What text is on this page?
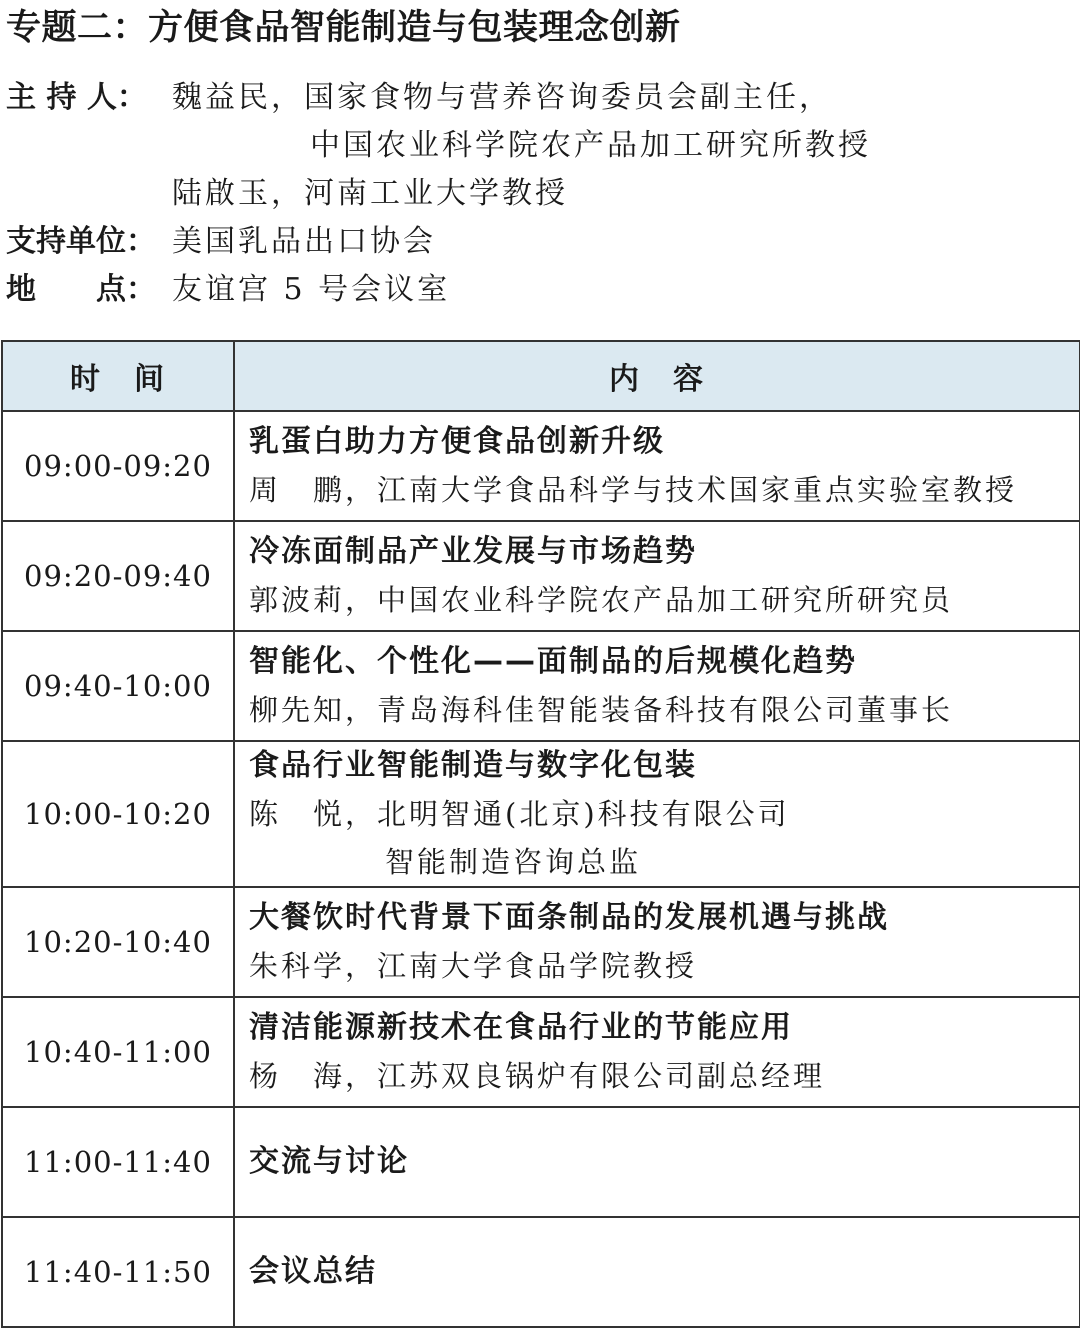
专题二：方便食品智能制造与包装理念创新
主 持 人： 魏益民，国家食物与营养咨询委员会副主任，
中国农业科学院农产品加工研究所教授
陆啟玉，河南工业大学教授
支持单位： 美国乳品出口协会
地　　点： 友谊宫 5 号会议室
时　间	内　容
09:00-09:20	乳蛋白助力方便食品创新升级
周　鹏，江南大学食品科学与技术国家重点实验室教授

09:20-09:40	冷冻面制品产业发展与市场趋势
郭波莉，中国农业科学院农产品加工研究所研究员

09:40-10:00	智能化、个性化——面制品的后规模化趋势
柳先知，青岛海科佳智能装备科技有限公司董事长

10:00-10:20	食品行业智能制造与数字化包装
陈　悦，北明智通(北京)科技有限公司
智能制造咨询总监

10:20-10:40	大餐饮时代背景下面条制品的发展机遇与挑战
朱科学，江南大学食品学院教授

10:40-11:00	清洁能源新技术在食品行业的节能应用
杨　海，江苏双良锅炉有限公司副总经理

11:00-11:40	交流与讨论

11:40-11:50	会议总结
